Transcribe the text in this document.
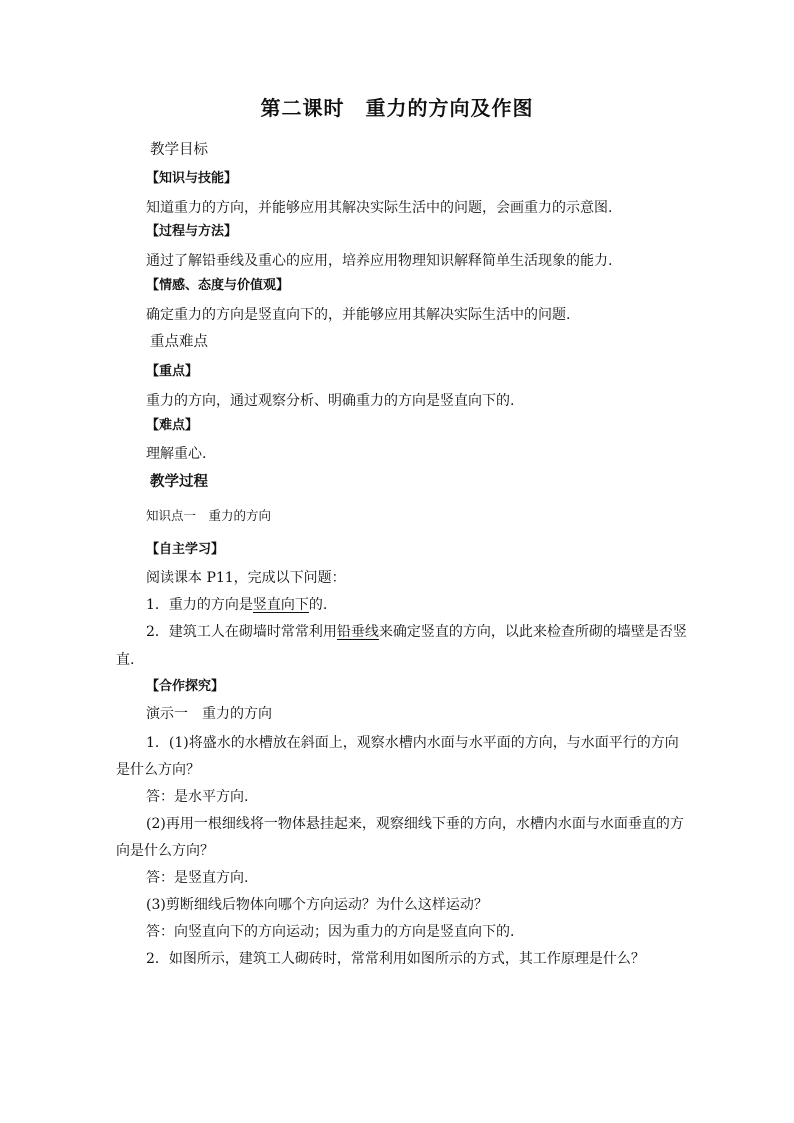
第二课时　重力的方向及作图
教学目标
【知识与技能】
知道重力的方向，并能够应用其解决实际生活中的问题，会画重力的示意图.
【过程与方法】
通过了解铅垂线及重心的应用，培养应用物理知识解释简单生活现象的能力.
【情感、态度与价值观】
确定重力的方向是竖直向下的，并能够应用其解决实际生活中的问题.
重点难点
【重点】
重力的方向，通过观察分析、明确重力的方向是竖直向下的.
【难点】
理解重心.
教学过程
知识点一　重力的方向
【自主学习】
阅读课本 P11，完成以下问题：
1．重力的方向是竖直向下的.
2．建筑工人在砌墙时常常利用铅垂线来确定竖直的方向，以此来检查所砌的墙壁是否竖
直.
【合作探究】
演示一　重力的方向
1．(1)将盛水的水槽放在斜面上，观察水槽内水面与水平面的方向，与水面平行的方向
是什么方向？
答：是水平方向.
(2)再用一根细线将一物体悬挂起来，观察细线下垂的方向，水槽内水面与水面垂直的方
向是什么方向？
答：是竖直方向.
(3)剪断细线后物体向哪个方向运动？为什么这样运动？
答：向竖直向下的方向运动；因为重力的方向是竖直向下的.
2．如图所示，建筑工人砌砖时，常常利用如图所示的方式，其工作原理是什么？
